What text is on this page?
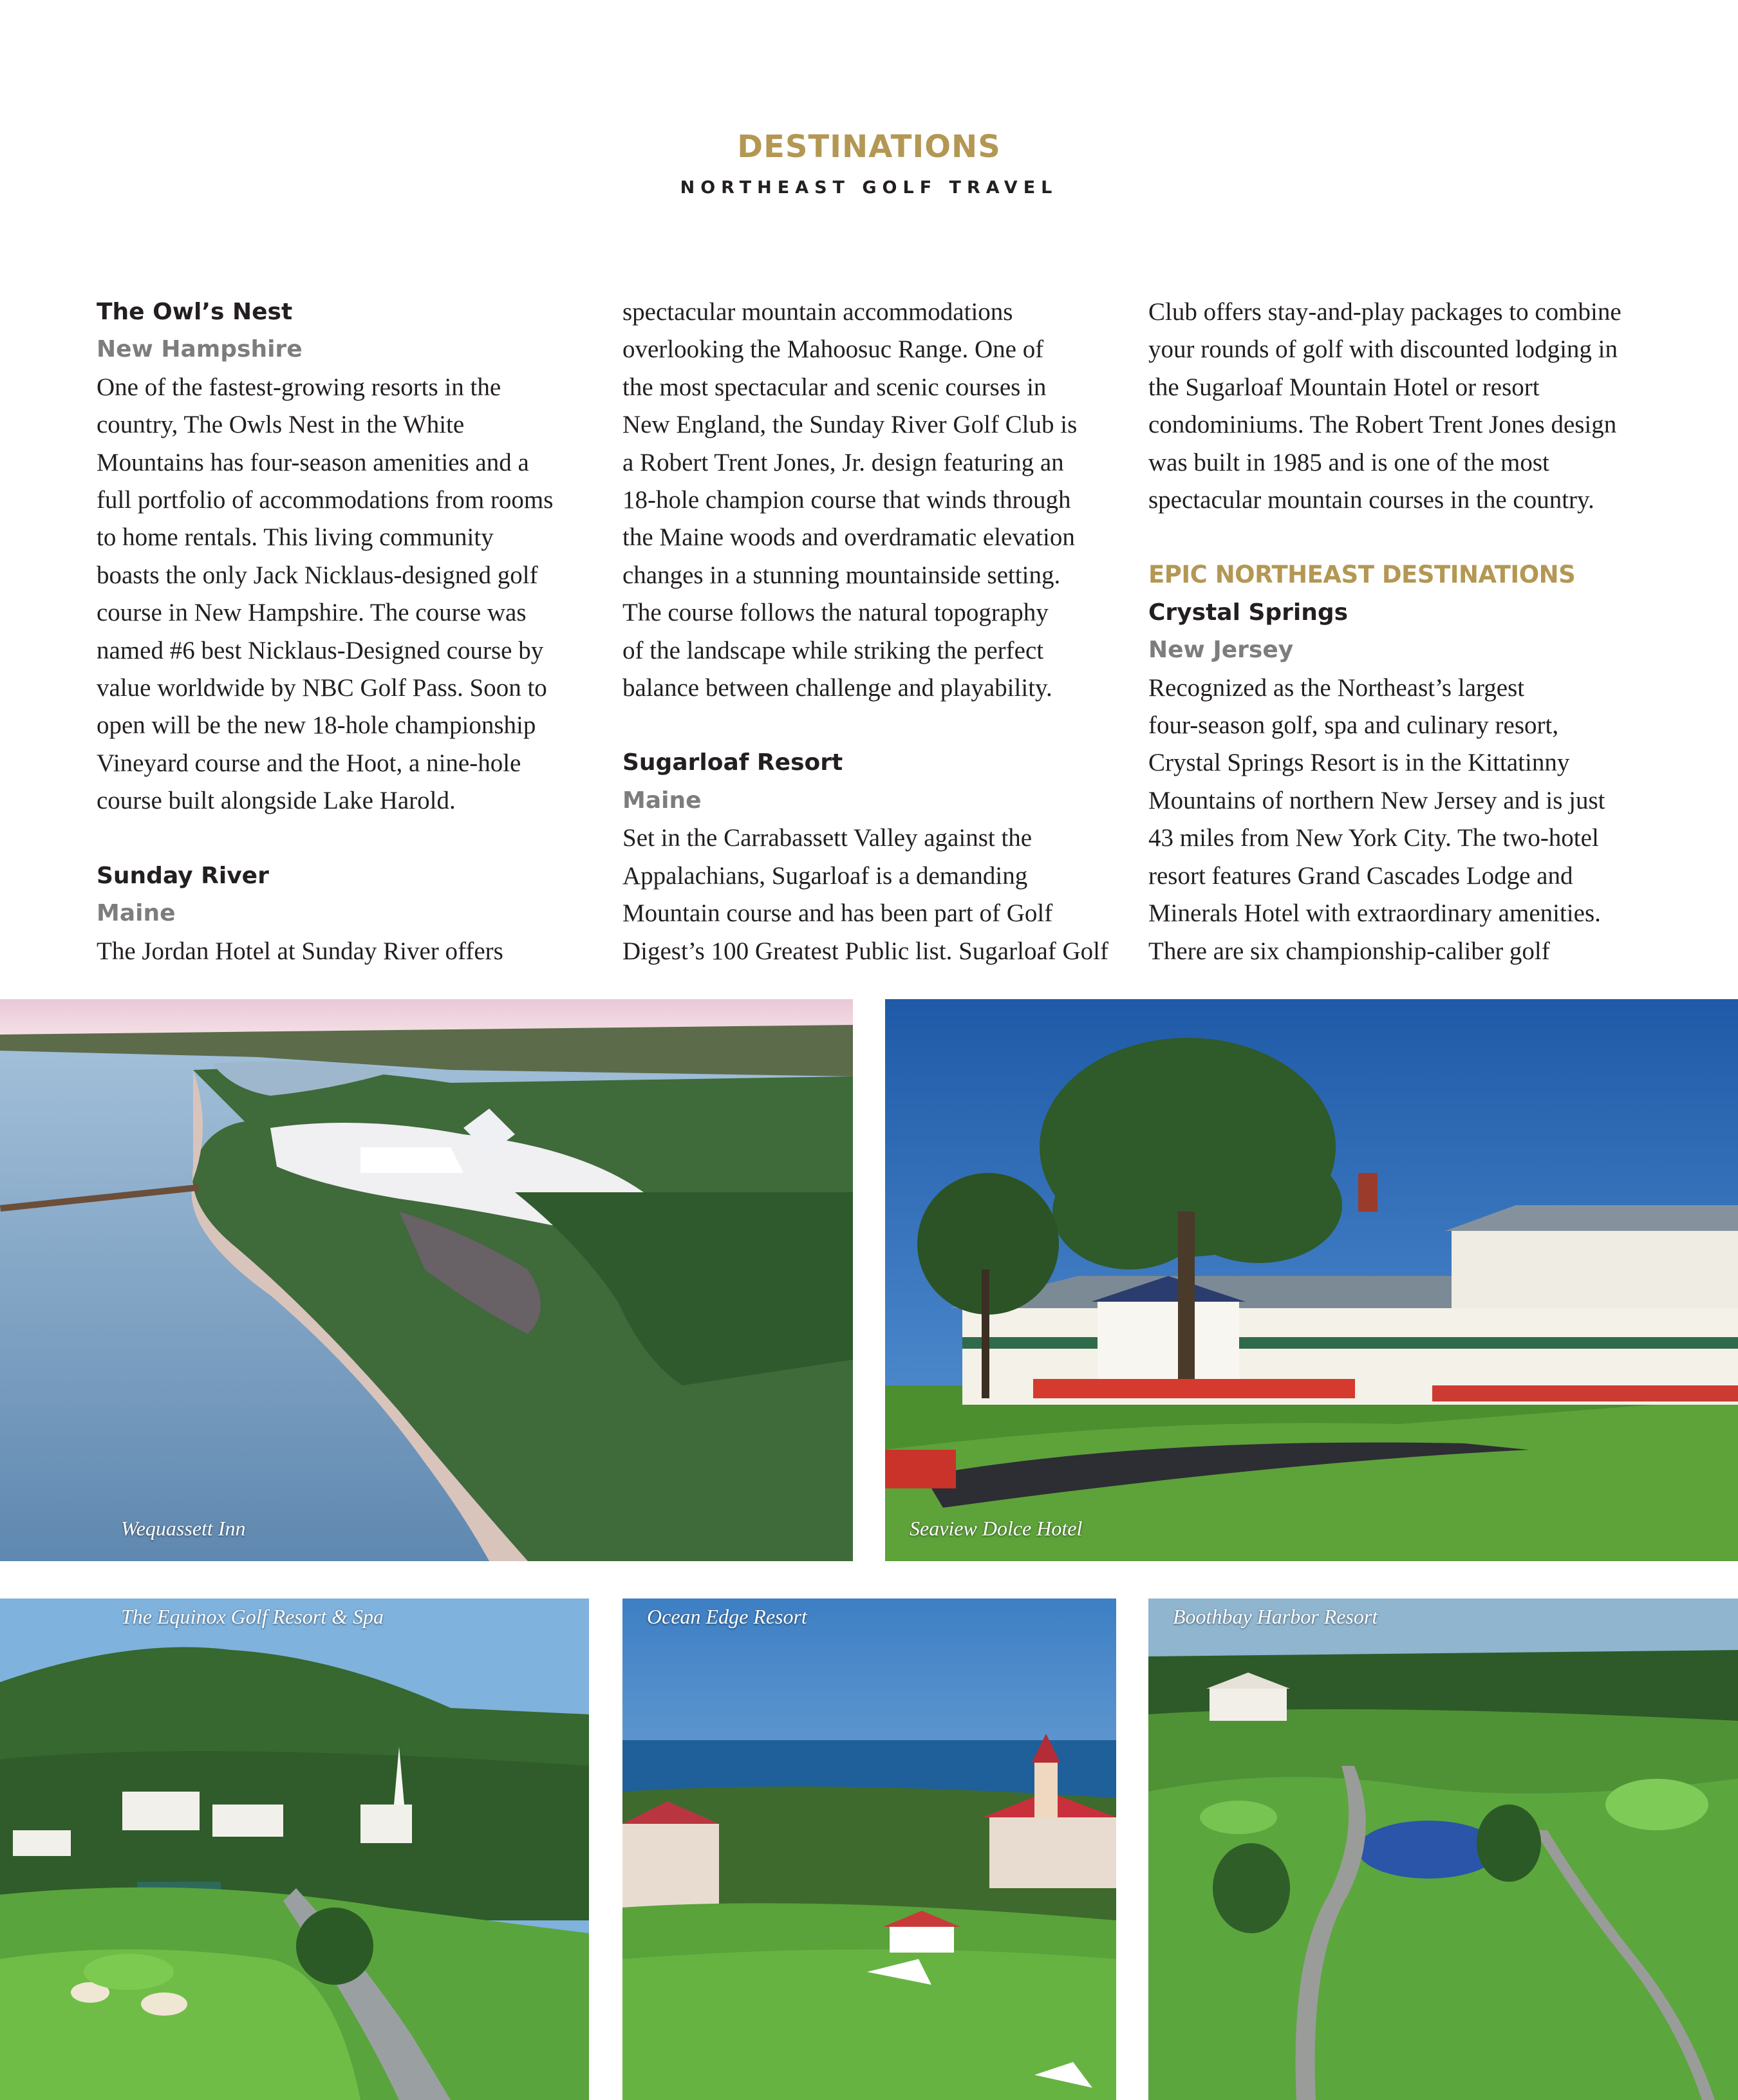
DESTINATIONS
NORTHEAST GOLF TRAVEL

The Owl’s Nest

New Hampshire

One of the fastest-growing resorts in the

country, The Owls Nest in the White

Mountains has four-season amenities and a

full portfolio of accommodations from rooms

to home rentals. This living community

boasts the only Jack Nicklaus-designed golf

course in New Hampshire. The course was

named #6 best Nicklaus-Designed course by

value worldwide by NBC Golf Pass. Soon to

open will be the new 18-hole championship

Vineyard course and the Hoot, a nine-hole

course built alongside Lake Harold.

Sunday River

Maine

The Jordan Hotel at Sunday River offers

spectacular mountain accommodations

overlooking the Mahoosuc Range. One of

the most spectacular and scenic courses in

New England, the Sunday River Golf Club is

a Robert Trent Jones, Jr. design featuring an

18-hole champion course that winds through

the Maine woods and overdramatic elevation

changes in a stunning mountainside setting.

The course follows the natural topography

of the landscape while striking the perfect

balance between challenge and playability.

Sugarloaf Resort

Maine

Set in the Carrabassett Valley against the

Appalachians, Sugarloaf is a demanding

Mountain course and has been part of Golf

Digest’s 100 Greatest Public list. Sugarloaf Golf

Club offers stay-and-play packages to combine

your rounds of golf with discounted lodging in

the Sugarloaf Mountain Hotel or resort

condominiums. The Robert Trent Jones design

was built in 1985 and is one of the most

spectacular mountain courses in the country.

EPIC NORTHEAST DESTINATIONS

Crystal Springs

New Jersey

Recognized as the Northeast’s largest

four-season golf, spa and culinary resort,

Crystal Springs Resort is in the Kittatinny

Mountains of northern New Jersey and is just

43 miles from New York City. The two-hotel

resort features Grand Cascades Lodge and

Minerals Hotel with extraordinary amenities.

There are six championship-caliber golf

Wequassett Inn	Seaview Dolce Hotel
The Equinox Golf Resort & Spa	Ocean Edge Resort	Boothbay Harbor Resort
